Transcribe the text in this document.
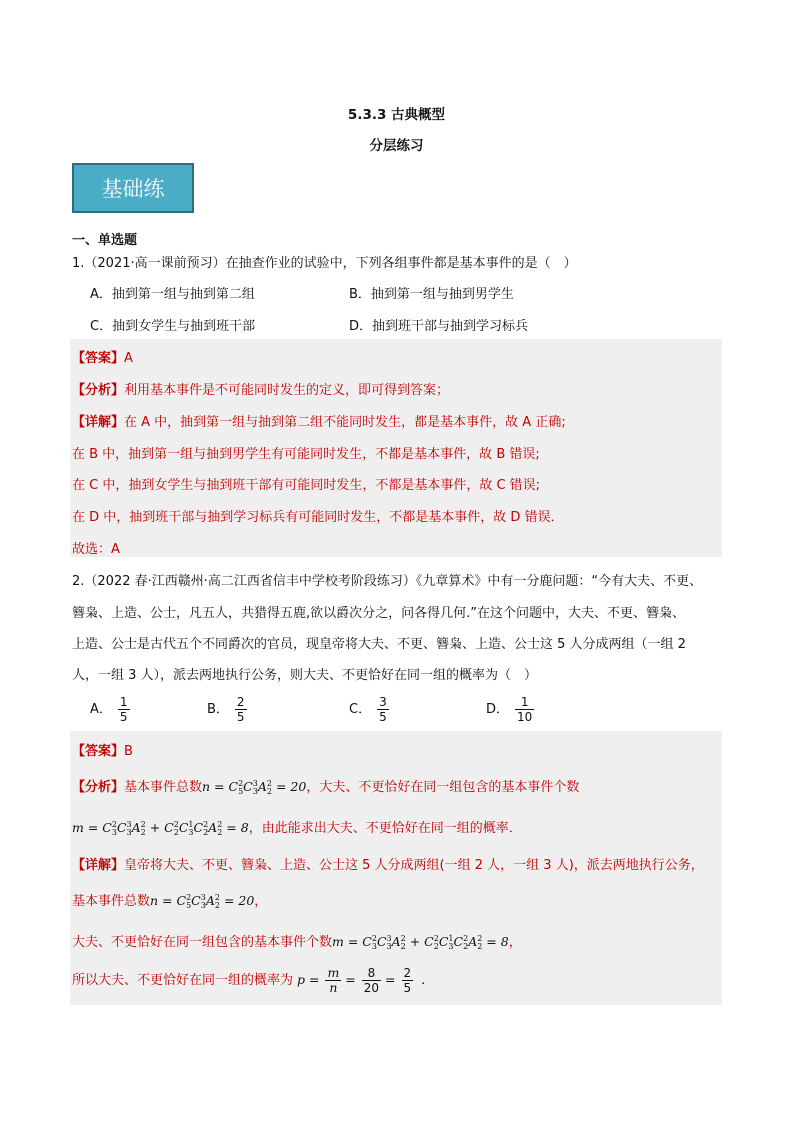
5.3.3 古典概型
分层练习
基础练
一、单选题
1.（2021·高一课前预习）在抽查作业的试验中，下列各组事件都是基本事件的是（　）
A．抽到第一组与抽到第二组	B．抽到第一组与抽到男学生
C．抽到女学生与抽到班干部	D．抽到班干部与抽到学习标兵
【答案】A
【分析】利用基本事件是不可能同时发生的定义，即可得到答案；
【详解】在 A 中，抽到第一组与抽到第二组不能同时发生，都是基本事件，故 A 正确;
在 B 中，抽到第一组与抽到男学生有可能同时发生，不都是基本事件，故 B 错误;
在 C 中，抽到女学生与抽到班干部有可能同时发生，不都是基本事件，故 C 错误;
在 D 中，抽到班干部与抽到学习标兵有可能同时发生，不都是基本事件，故 D 错误．
故选：A
2.（2022 春·江西赣州·高二江西省信丰中学校考阶段练习）《九章算术》中有一分鹿问题：“今有大夫、不更、
簪枭、上造、公士，凡五人，共猎得五鹿,欲以爵次分之，问各得几何.”在这个问题中，大夫、不更、簪枭、
上造、公士是古代五个不同爵次的官员，现皇帝将大夫、不更、簪枭、上造、公士这 5 人分成两组（一组 2
人，一组 3 人），派去两地执行公务，则大夫、不更恰好在同一组的概率为（　）
A． $\frac{1}{5}$	B． $\frac{2}{5}$	C． $\frac{3}{5}$	D． $\frac{1}{10}$
【答案】B
【分析】基本事件总数n = C 2
5 C 3
3 A 2
2 = 20，大夫、不更恰好在同一组包含的基本事件个数
m = C 2
3 C 3
3 A 2
2 + C 2
2 C 1
3 C 2
2 A 2
2 = 8，由此能求出大夫、不更恰好在同一组的概率．
【详解】皇帝将大夫、不更、簪枭、上造、公士这 5 人分成两组(一组 2 人，一组 3 人)，派去两地执行公务，
基本事件总数n = C 2
5 C 3
3 A 2
2 = 20，
大夫、不更恰好在同一组包含的基本事件个数m = C 2
3 C 3
3 A 2
2 + C 2
2 C 1
3 C 2
2 A 2
2 = 8，
所以大夫、不更恰好在同一组的概率为 $p = \frac{m}{n} = \frac{8}{20} = \frac{2}{5}$ .
